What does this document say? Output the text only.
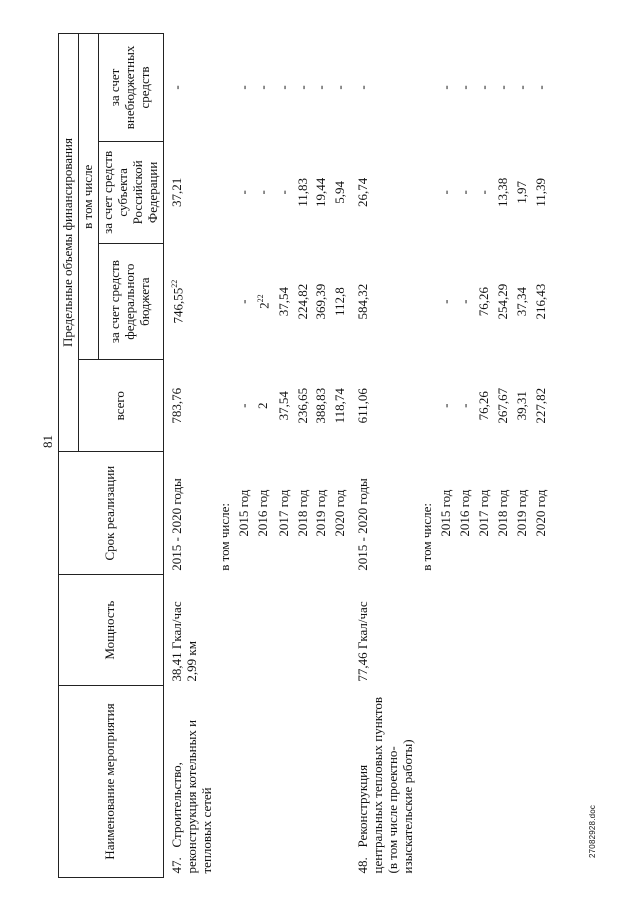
81
Наименование мероприятия	Мощность	Срок реализации	Предельные объемы финансирования			
			всего	в том числе		
				за счет средств федерального бюджета	за счет средств субъекта Российской Федерации	за счет внебюджетных средств
47.Строительство, реконструкция котельных и тепловых сетей	38,41 Гкал/час 2,99 км	2015 - 2020 годы	783,76	746,55$^{22}$	37,21	-
		в том числе:				
		2015 год	-	-	-	-
		2016 год	2	$2^{22}$	-	-
		2017 год	37,54	37,54	-	-
		2018 год	236,65	224,82	11,83	-
		2019 год	388,83	369,39	19,44	-
		2020 год	118,74	112,8	5,94	-
48.Реконструкция центральных тепловых пунктов (в том числе проектно-изыскательские работы)	77,46 Гкал/час	2015 - 2020 годы	611,06	584,32	26,74	-
		в том числе:				
		2015 год	-	-	-	-
		2016 год	-	-	-	-
		2017 год	76,26	76,26	-	-
		2018 год	267,67	254,29	13,38	-
		2019 год	39,31	37,34	1,97	-
		2020 год	227,82	216,43	11,39	-
27082928.doc
